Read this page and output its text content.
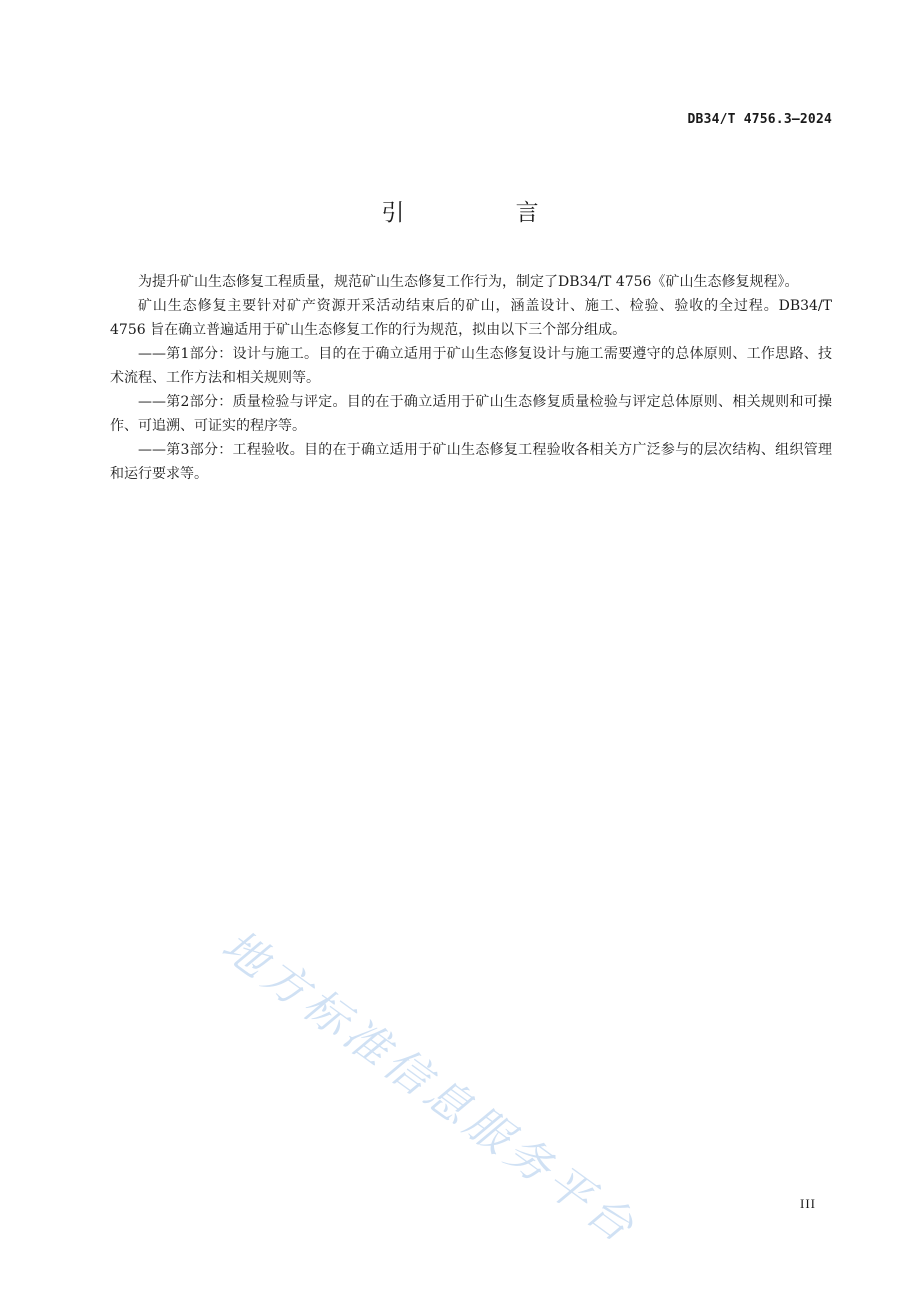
DB34/T 4756.3—2024
引 言

为提升矿山生态修复工程质量，规范矿山生态修复工作行为，制定了DB34/T 4756《矿山生态修复规程》。

矿山生态修复主要针对矿产资源开采活动结束后的矿山，涵盖设计、施工、检验、验收的全过程。DB34/T 4756 旨在确立普遍适用于矿山生态修复工作的行为规范，拟由以下三个部分组成。

——第1部分：设计与施工。目的在于确立适用于矿山生态修复设计与施工需要遵守的总体原则、工作思路、技术流程、工作方法和相关规则等。

——第2部分：质量检验与评定。目的在于确立适用于矿山生态修复质量检验与评定总体原则、相关规则和可操作、可追溯、可证实的程序等。

——第3部分：工程验收。目的在于确立适用于矿山生态修复工程验收各相关方广泛参与的层次结构、组织管理和运行要求等。

地方标准信息服务平台	III
